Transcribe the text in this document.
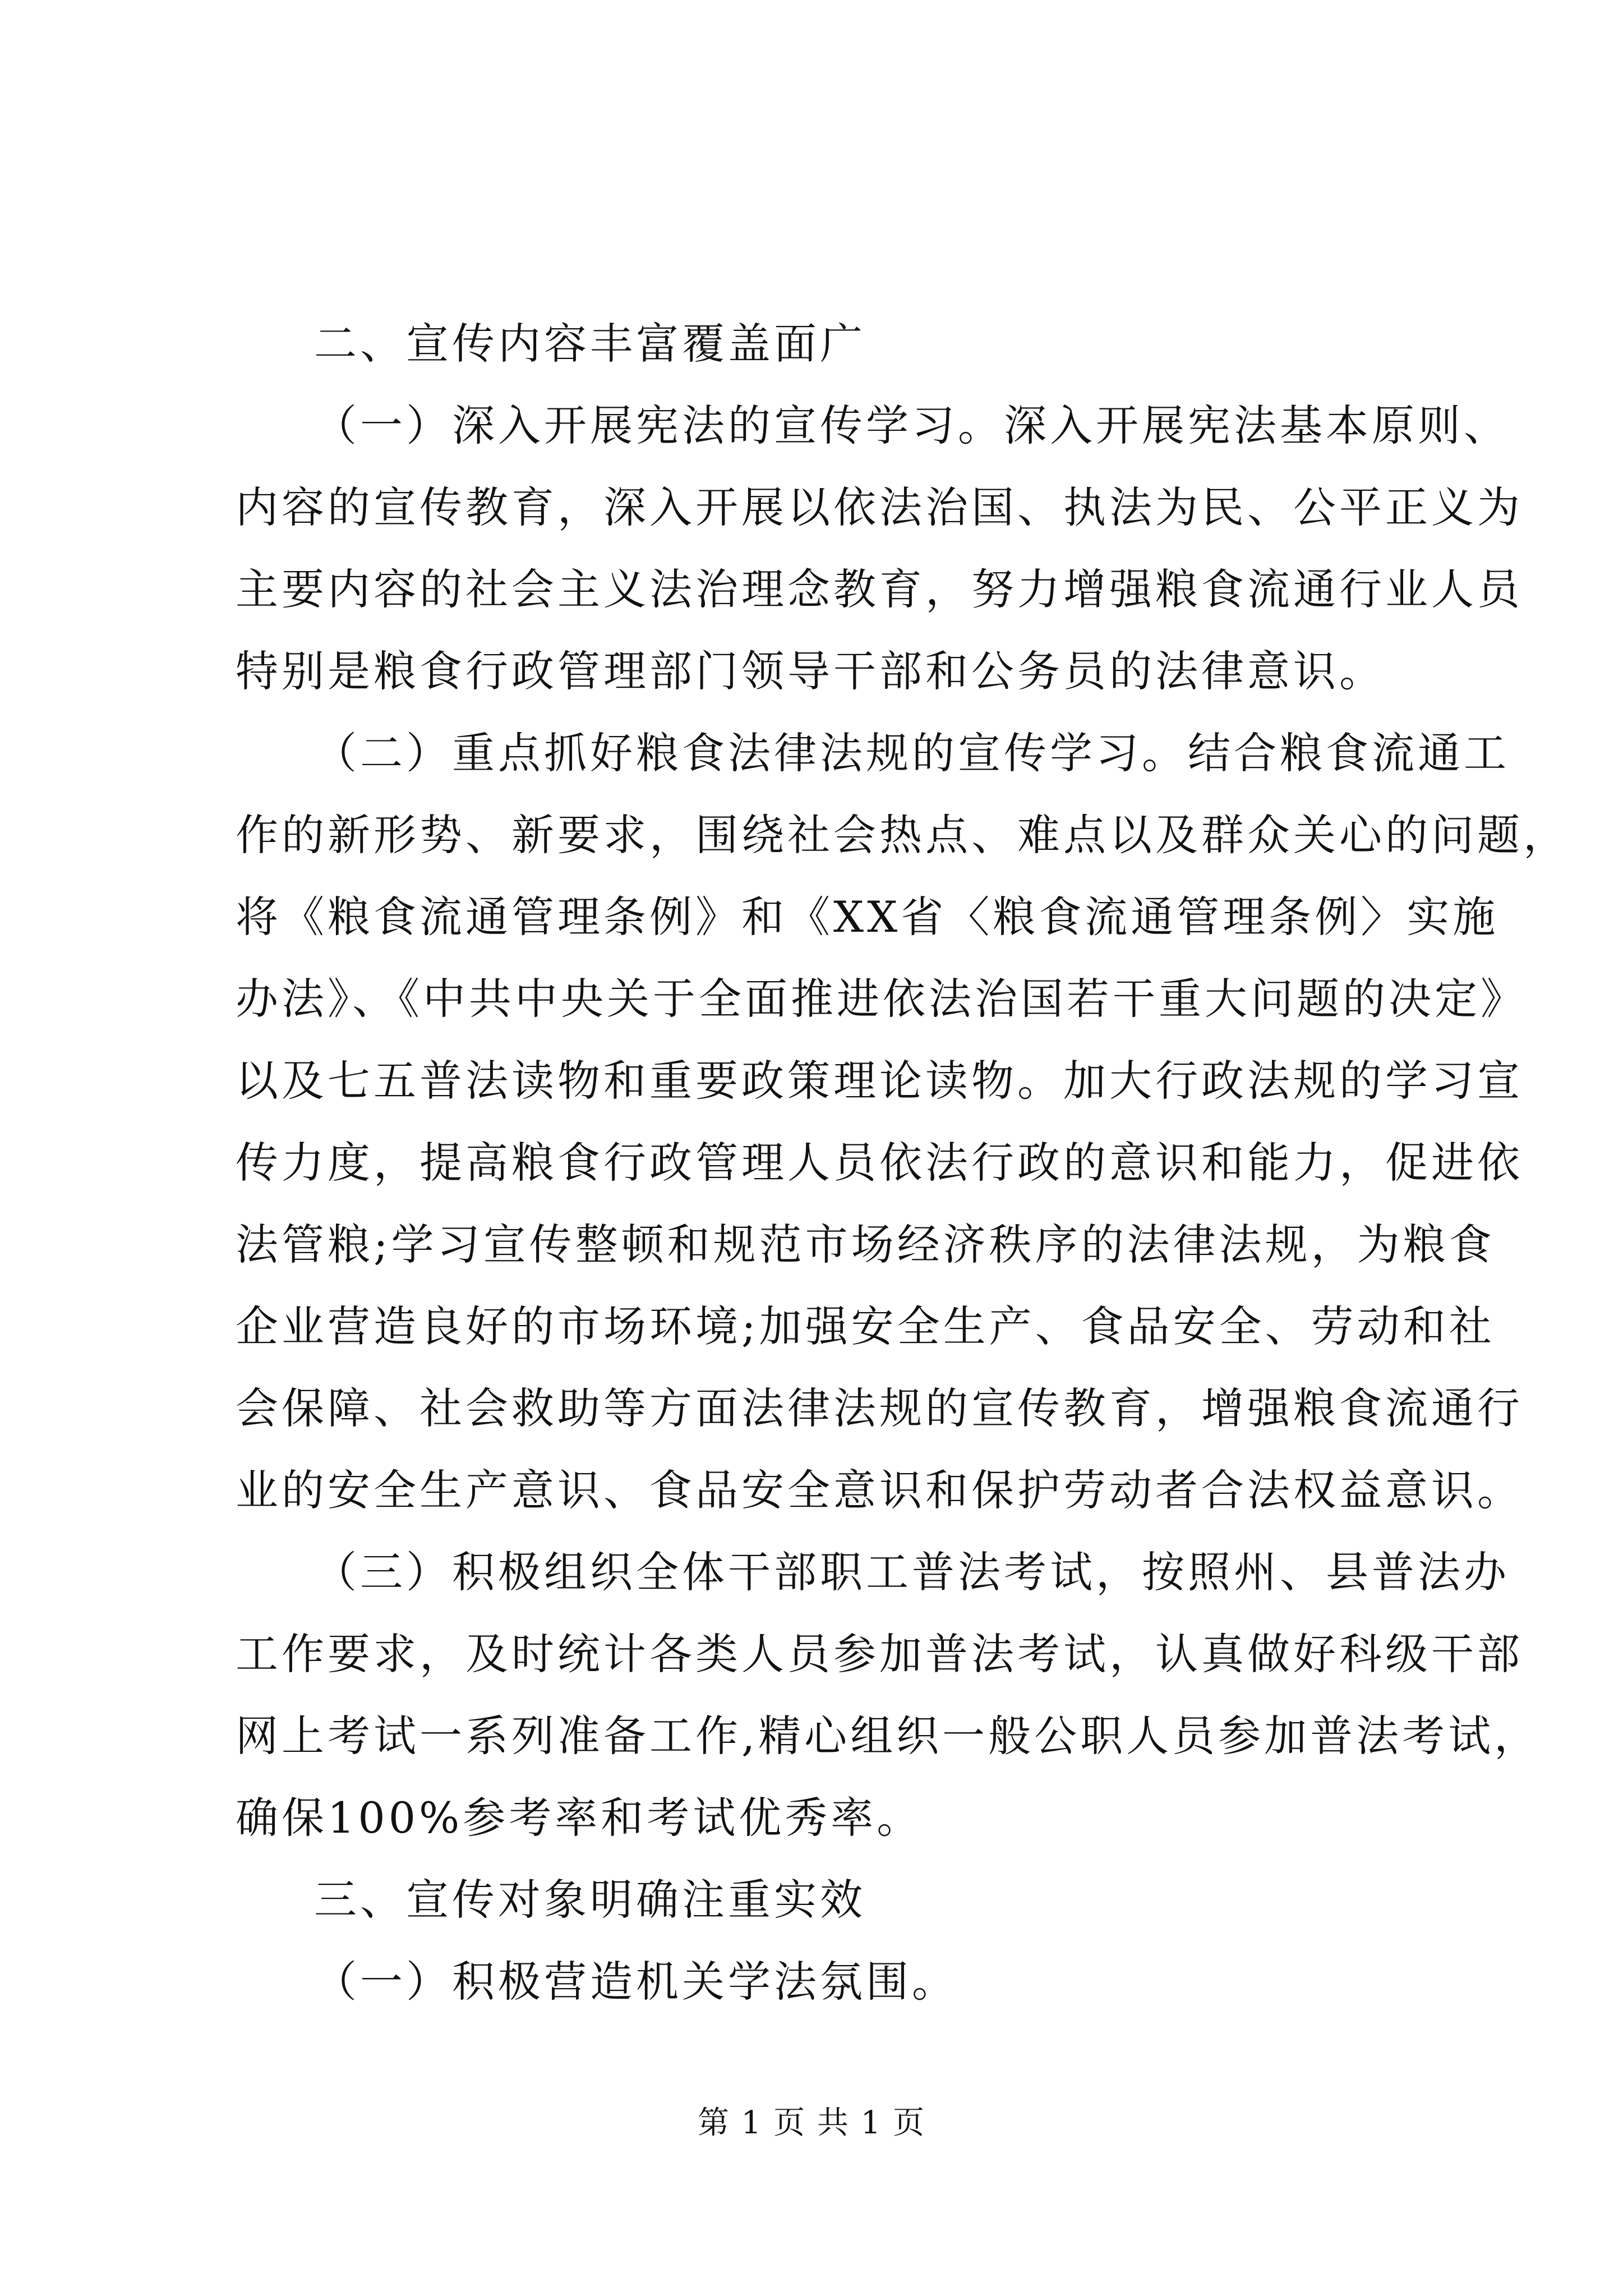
二、宣传内容丰富覆盖面广
（一）深入开展宪法的宣传学习。深入开展宪法基本原则、
内容的宣传教育，深入开展以依法治国、执法为民、公平正义为
主要内容的社会主义法治理念教育，努力增强粮食流通行业人员
特别是粮食行政管理部门领导干部和公务员的法律意识。
（二）重点抓好粮食法律法规的宣传学习。结合粮食流通工
作的新形势、新要求，围绕社会热点、难点以及群众关心的问题，
将《粮食流通管理条例》和《XX省〈粮食流通管理条例〉实施
办法》、《中共中央关于全面推进依法治国若干重大问题的决定》
以及七五普法读物和重要政策理论读物。加大行政法规的学习宣
传力度，提高粮食行政管理人员依法行政的意识和能力，促进依
法管粮;学习宣传整顿和规范市场经济秩序的法律法规，为粮食
企业营造良好的市场环境;加强安全生产、食品安全、劳动和社
会保障、社会救助等方面法律法规的宣传教育，增强粮食流通行
业的安全生产意识、食品安全意识和保护劳动者合法权益意识。
（三）积极组织全体干部职工普法考试，按照州、县普法办
工作要求，及时统计各类人员参加普法考试，认真做好科级干部
网上考试一系列准备工作,精心组织一般公职人员参加普法考试，
确保100%参考率和考试优秀率。
三、宣传对象明确注重实效
（一）积极营造机关学法氛围。
第 1 页 共 1 页
